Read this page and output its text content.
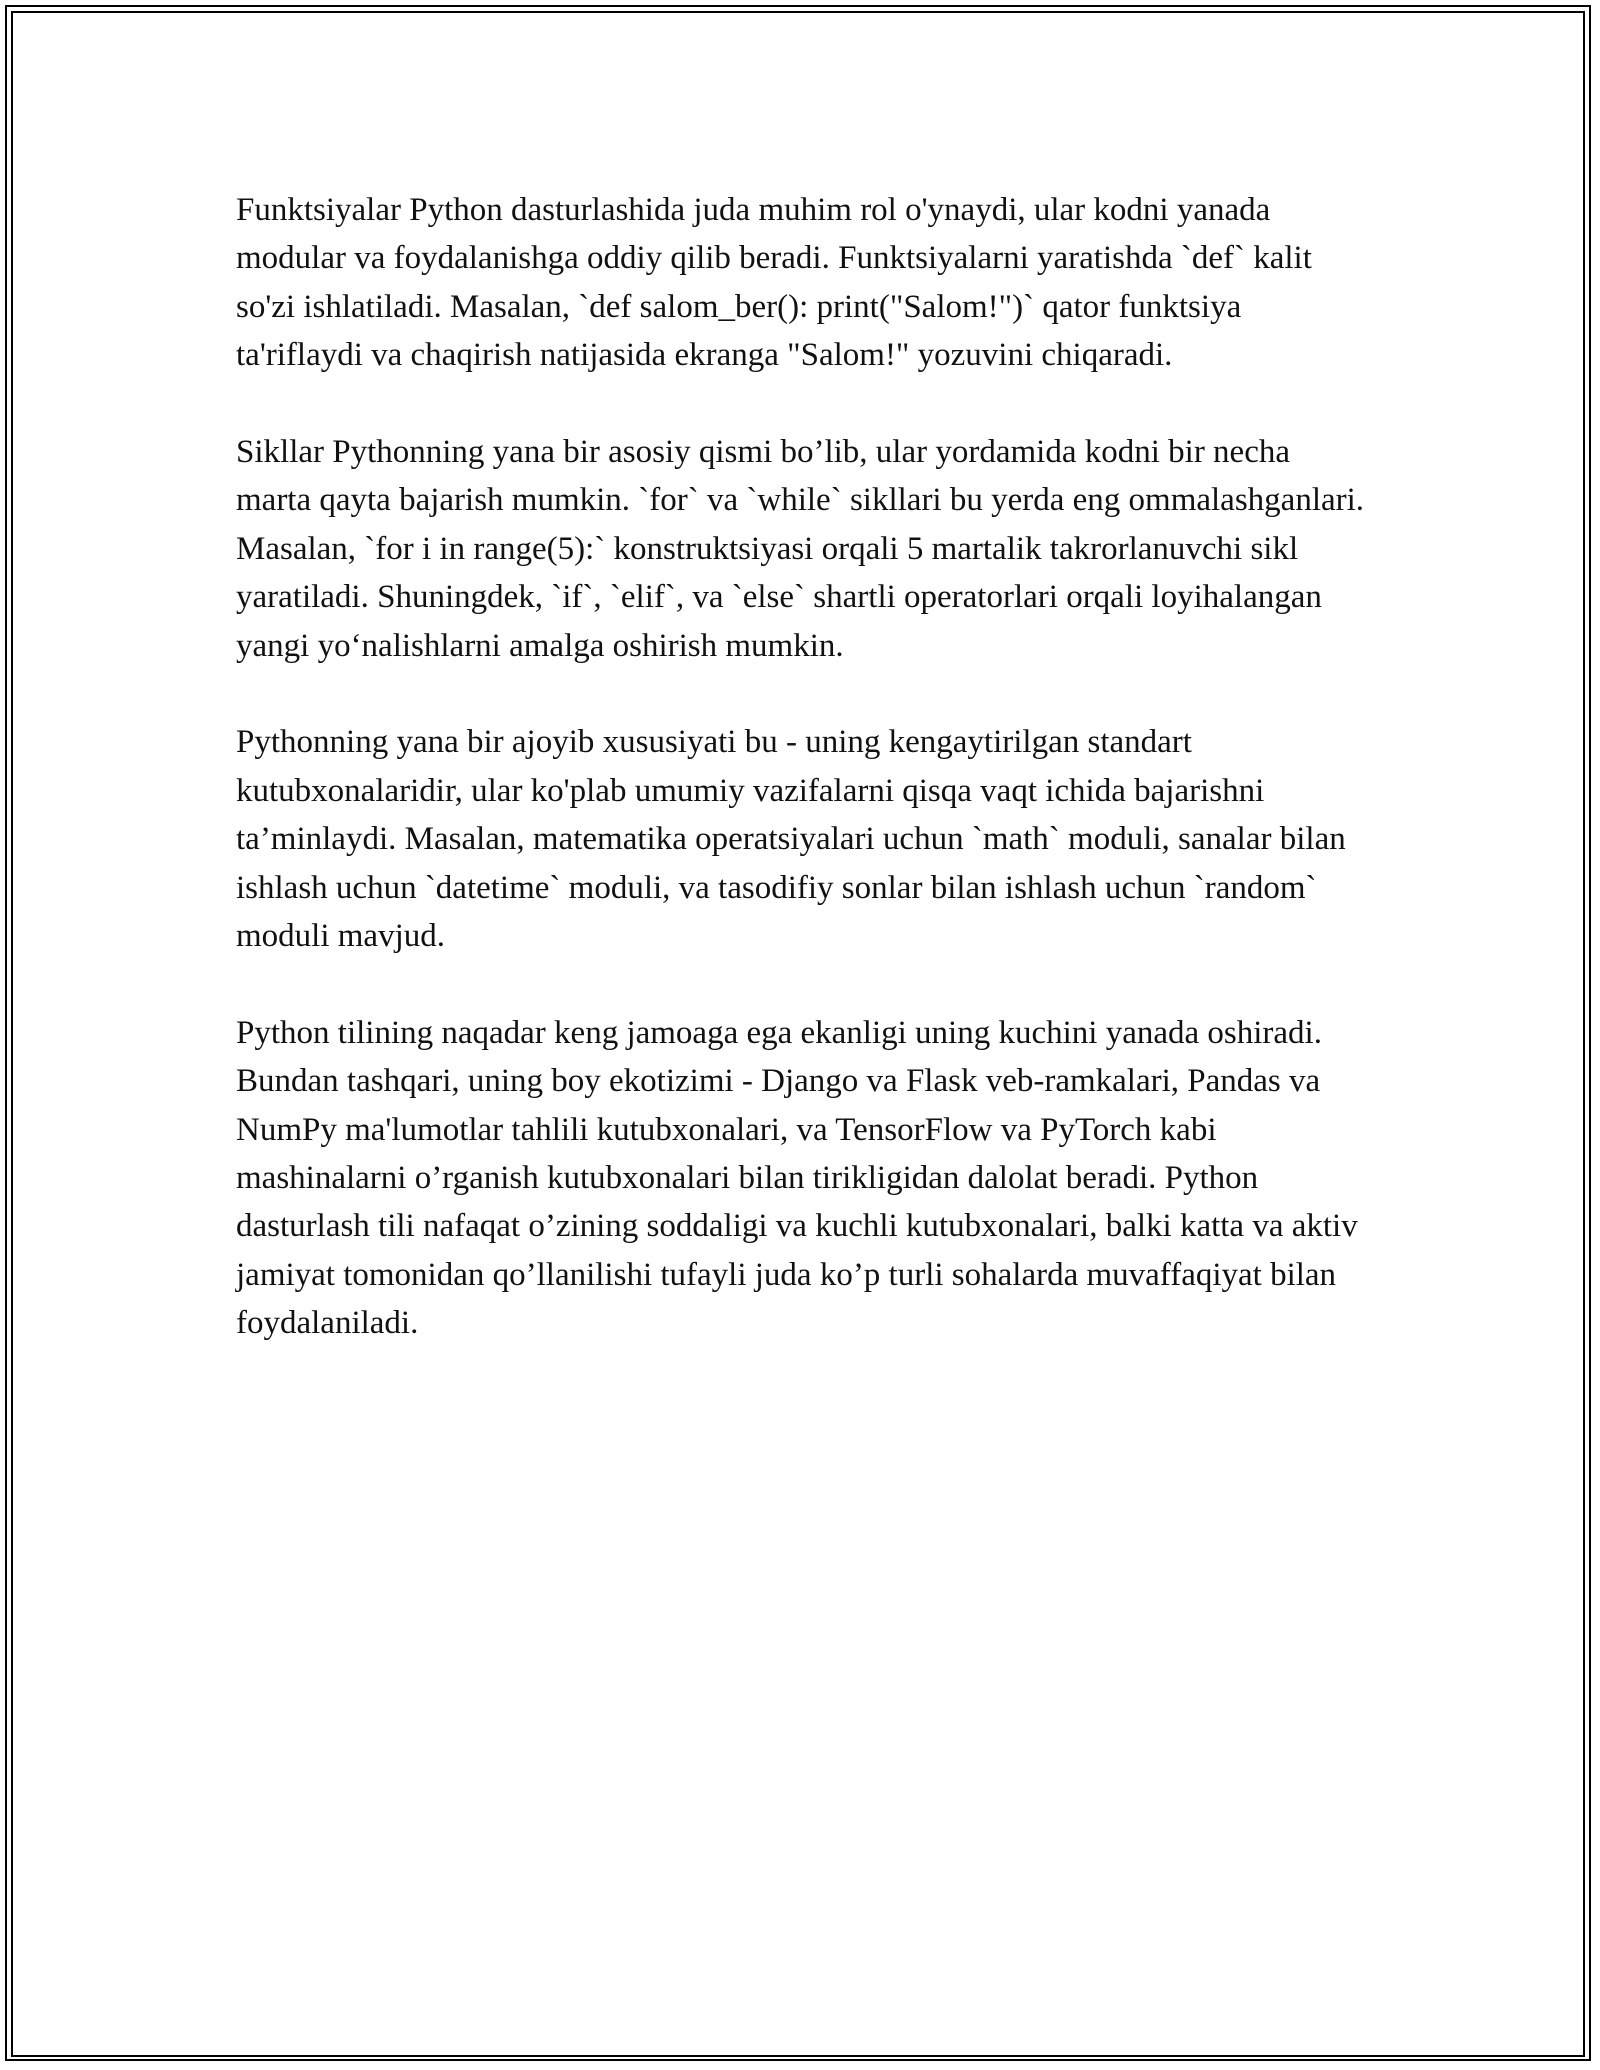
Funktsiyalar Python dasturlashida juda muhim rol o'ynaydi, ular kodni yanada modular va foydalanishga oddiy qilib beradi. Funktsiyalarni yaratishda `def` kalit so'zi ishlatiladi. Masalan, `def salom_ber(): print("Salom!")` qator funktsiya ta'riflaydi va chaqirish natijasida ekranga "Salom!" yozuvini chiqaradi.

Sikllar Pythonning yana bir asosiy qismi bo’lib, ular yordamida kodni bir necha marta qayta bajarish mumkin. `for` va `while` sikllari bu yerda eng ommalashganlari. Masalan, `for i in range(5):` konstruktsiyasi orqali 5 martalik takrorlanuvchi sikl yaratiladi. Shuningdek, `if`, `elif`, va `else` shartli operatorlari orqali loyihalangan yangi yo‘nalishlarni amalga oshirish mumkin.

Pythonning yana bir ajoyib xususiyati bu - uning kengaytirilgan standart kutubxonalaridir, ular ko'plab umumiy vazifalarni qisqa vaqt ichida bajarishni ta’minlaydi. Masalan, matematika operatsiyalari uchun `math` moduli, sanalar bilan ishlash uchun `datetime` moduli, va tasodifiy sonlar bilan ishlash uchun `random` moduli mavjud.

Python tilining naqadar keng jamoaga ega ekanligi uning kuchini yanada oshiradi. Bundan tashqari, uning boy ekotizimi - Django va Flask veb-ramkalari, Pandas va NumPy ma'lumotlar tahlili kutubxonalari, va TensorFlow va PyTorch kabi mashinalarni o’rganish kutubxonalari bilan tirikligidan dalolat beradi. Python dasturlash tili nafaqat o’zining soddaligi va kuchli kutubxonalari, balki katta va aktiv jamiyat tomonidan qo’llanilishi tufayli juda ko’p turli sohalarda muvaffaqiyat bilan foydalaniladi.
